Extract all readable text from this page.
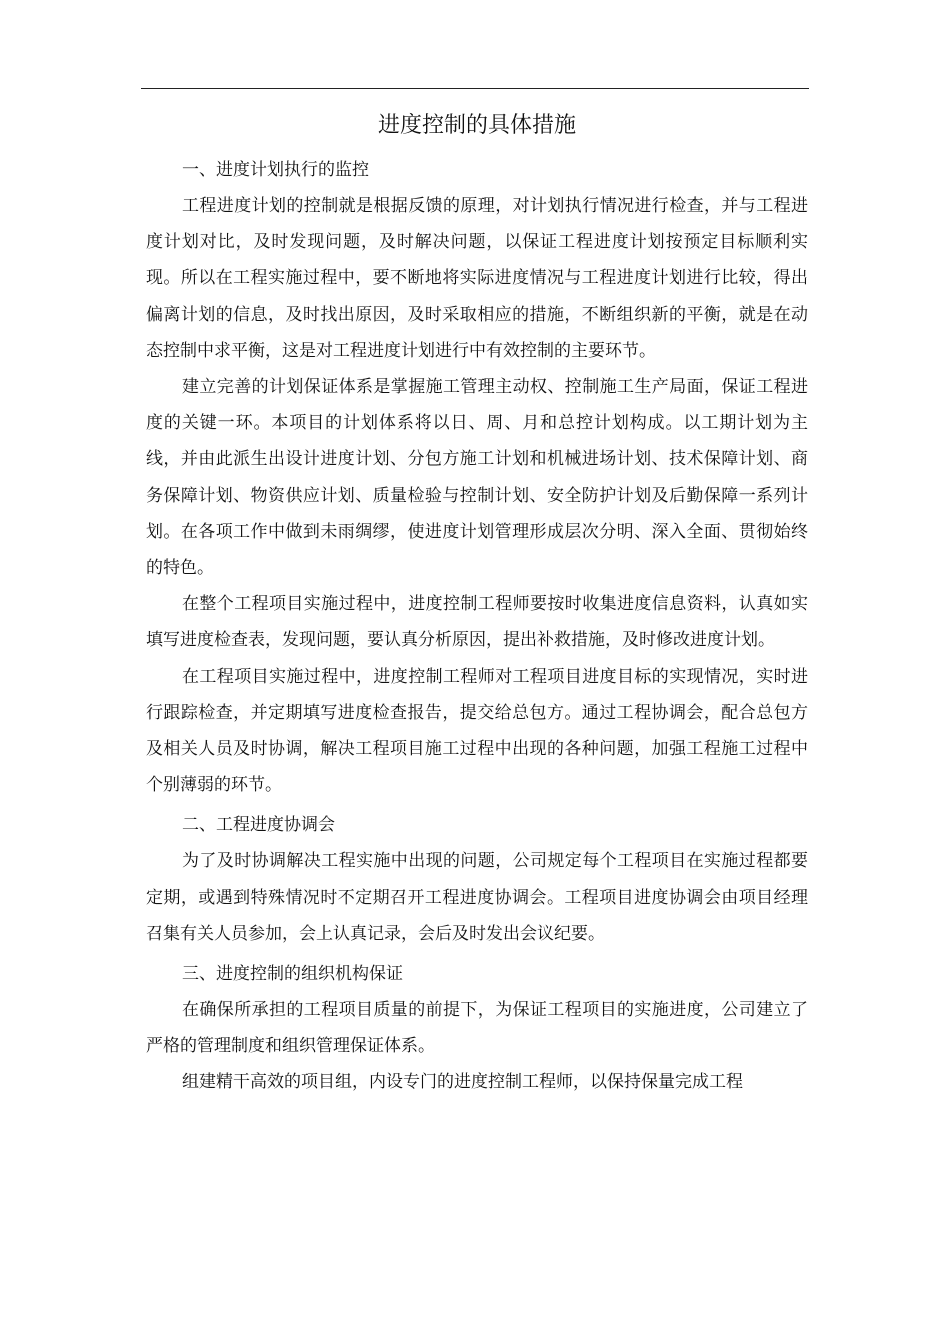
进度控制的具体措施

一、进度计划执行的监控

工程进度计划的控制就是根据反馈的原理，对计划执行情况进行检查，并与工程进度计划对比，及时发现问题，及时解决问题，以保证工程进度计划按预定目标顺利实现。所以在工程实施过程中，要不断地将实际进度情况与工程进度计划进行比较，得出偏离计划的信息，及时找出原因，及时采取相应的措施，不断组织新的平衡，就是在动态控制中求平衡，这是对工程进度计划进行中有效控制的主要环节。

建立完善的计划保证体系是掌握施工管理主动权、控制施工生产局面，保证工程进度的关键一环。本项目的计划体系将以日、周、月和总控计划构成。以工期计划为主线，并由此派生出设计进度计划、分包方施工计划和机械进场计划、技术保障计划、商务保障计划、物资供应计划、质量检验与控制计划、安全防护计划及后勤保障一系列计划。在各项工作中做到未雨绸缪，使进度计划管理形成层次分明、深入全面、贯彻始终的特色。

在整个工程项目实施过程中，进度控制工程师要按时收集进度信息资料，认真如实填写进度检查表，发现问题，要认真分析原因，提出补救措施，及时修改进度计划。

在工程项目实施过程中，进度控制工程师对工程项目进度目标的实现情况，实时进行跟踪检查，并定期填写进度检查报告，提交给总包方。通过工程协调会，配合总包方及相关人员及时协调，解决工程项目施工过程中出现的各种问题，加强工程施工过程中个别薄弱的环节。

二、工程进度协调会

为了及时协调解决工程实施中出现的问题，公司规定每个工程项目在实施过程都要定期，或遇到特殊情况时不定期召开工程进度协调会。工程项目进度协调会由项目经理召集有关人员参加，会上认真记录，会后及时发出会议纪要。

三、进度控制的组织机构保证

在确保所承担的工程项目质量的前提下，为保证工程项目的实施进度，公司建立了严格的管理制度和组织管理保证体系。

组建精干高效的项目组，内设专门的进度控制工程师，以保持保量完成工程
